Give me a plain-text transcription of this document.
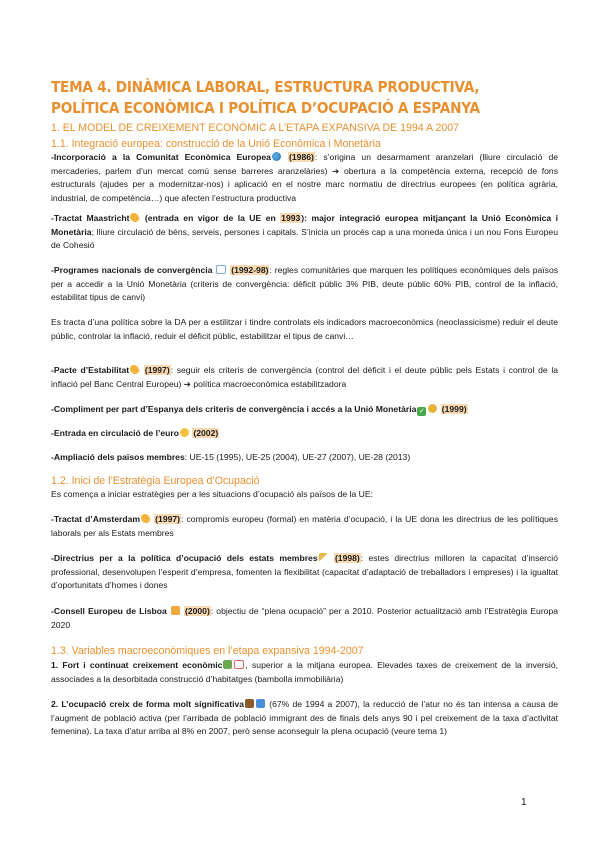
TEMA 4. DINÀMICA LABORAL, ESTRUCTURA PRODUCTIVA, POLÍTICA ECONÒMICA I POLÍTICA D’OCUPACIÓ A ESPANYA
1. EL MODEL DE CREIXEMENT ECONÒMIC A L’ETAPA EXPANSIVA DE 1994 A 2007
1.1. Integració europea: construcció de la Unió Econòmica i Monetària
-Incorporació a la Comunitat Econòmica Europea (1986): s’origina un desarmament aranzelari (lliure circulació de mercaderies, parlem d’un mercat comú sense barreres aranzelàries) ➔ obertura a la competència externa, recepció de fons estructurals (ajudes per a modernitzar-nos) i aplicació en el nostre marc normatiu de directrius europees (en política agrària, industrial, de competència…) que afecten l’estructura productiva
-Tractat Maastricht (entrada en vigor de la UE en 1993): major integració europea mitjançant la Unió Econòmica i Monetària; lliure circulació de béns, serveis, persones i capitals. S’inicia un procés cap a una moneda única i un nou Fons Europeu de Cohesió
-Programes nacionals de convergència (1992-98): regles comunitàries que marquen les polítiques econòmiques dels països per a accedir a la Unió Monetària (criteris de convergència: dèficit públic 3% PIB, deute públic 60% PIB, control de la inflació, estabilitat tipus de canvi)
Es tracta d’una política sobre la DA per a estilitzar i tindre controlats els indicadors macroeconòmics (neoclassicisme) reduir el deute públic, controlar la inflació, reduir el dèficit públic, estabilitzar el tipus de canvi…
-Pacte d’Estabilitat (1997): seguir els criteris de convergència (control del dèficit i el deute públic pels Estats i control de la inflació pel Banc Central Europeu) ➔ política macroeconòmica estabilitzadora
-Compliment per part d’Espanya dels criteris de convergència i accés a la Unió Monetària ✓ (1999)
-Entrada en circulació de l’euro (2002)
-Ampliació dels països membres: UE-15 (1995), UE-25 (2004), UE-27 (2007), UE-28 (2013)
1.2. Inici de l’Estratègia Europea d’Ocupació
Es comença a iniciar estratègies per a les situacions d’ocupació als països de la UE:
-Tractat d’Amsterdam (1997): compromís europeu (formal) en matèria d’ocupació, i la UE dona les directrius de les polítiques laborals per als Estats membres
-Directrius per a la política d’ocupació dels estats membres (1998): estes directrius milloren la capacitat d’inserció professional, desenvolupen l’esperit d’empresa, fomenten la flexibilitat (capacitat d’adaptació de treballadors i empreses) i la igualtat d’oportunitats d’homes i dones
-Consell Europeu de Lisboa (2000): objectiu de “plena ocupació” per a 2010. Posterior actualització amb l’Estratègia Europa 2020
1.3. Variables macroeconòmiques en l’etapa expansiva 1994-2007
1. Fort i continuat creixement econòmic	, superior a la mitjana europea. Elevades taxes de creixement de la inversió, associades a la desorbitada construcció d’habitatges (bambolla immobiliària)
2. L’ocupació creix de forma molt significativa	(67% de 1994 a 2007), la reducció de l’atur no és tan intensa a causa de l’augment de població activa (per l’arribada de població immigrant des de finals dels anys 90 i pel creixement de la taxa d’activitat femenina). La taxa d’atur arriba al 8% en 2007, però sense aconseguir la plena ocupació (veure tema 1)
1
